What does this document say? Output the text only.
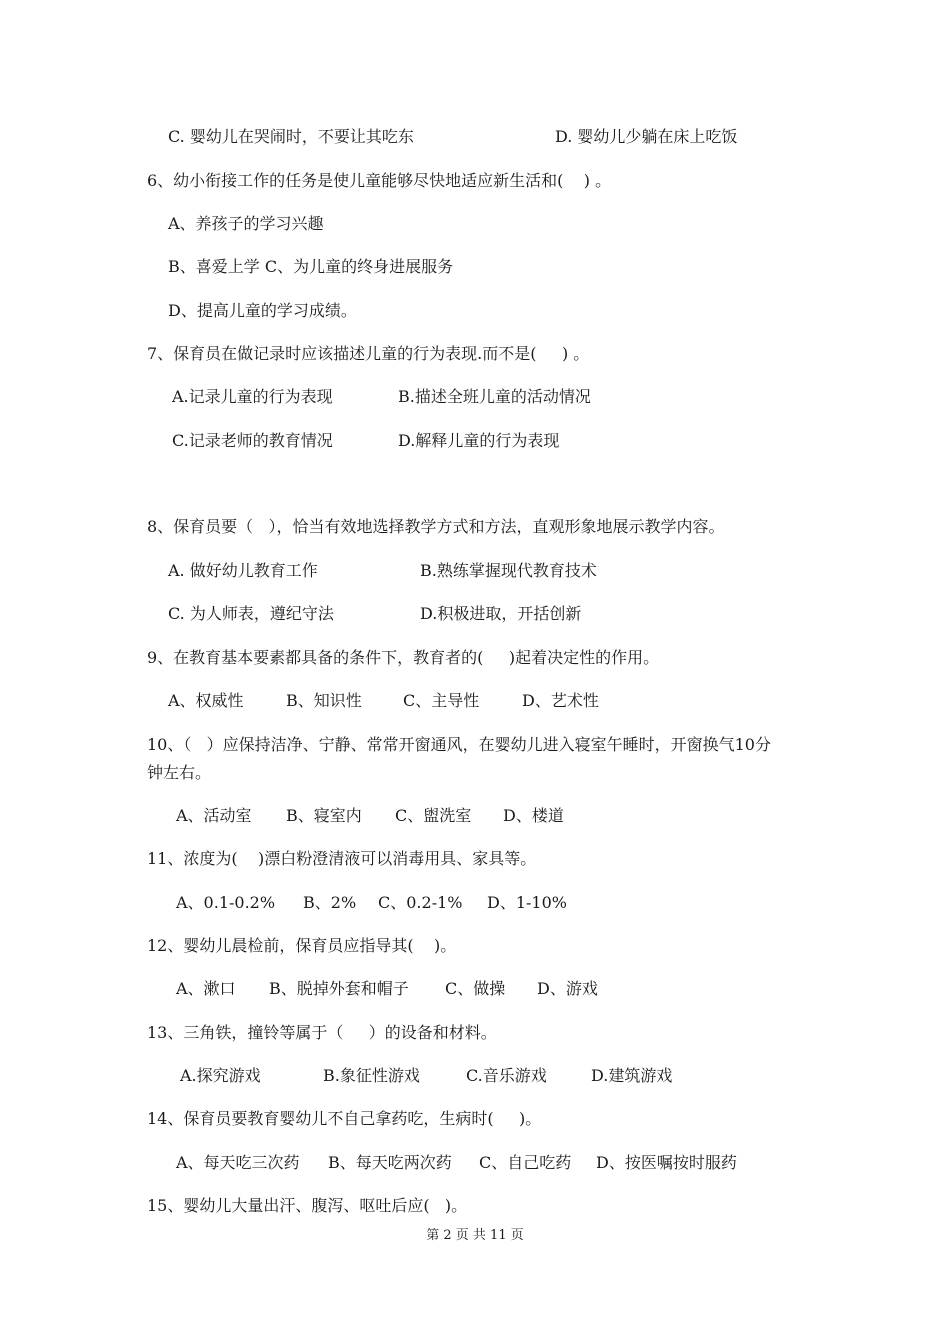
C. 婴幼儿在哭闹时，不要让其吃东	D. 婴幼儿少躺在床上吃饭
6、幼小衔接工作的任务是使儿童能够尽快地适应新生活和(    ) 。
A、养孩子的学习兴趣
B、喜爱上学 C、为儿童的终身进展服务
D、提高儿童的学习成绩。
7、保育员在做记录时应该描述儿童的行为表现.而不是(     ) 。
A.记录儿童的行为表现	B.描述全班儿童的活动情况
C.记录老师的教育情况	D.解释儿童的行为表现
8、保育员要（   ），恰当有效地选择教学方式和方法，直观形象地展示教学内容。
A. 做好幼儿教育工作	B.熟练掌握现代教育技术
C. 为人师表，遵纪守法	D.积极进取，开括创新
9、在教育基本要素都具备的条件下，教育者的(     )起着决定性的作用。
A、权威性	B、知识性	C、主导性	D、艺术性
10、（   ）应保持洁净、宁静、常常开窗通风，在婴幼儿进入寝室午睡时，开窗换气10分
钟左右。
A、活动室 B、寝室内 C、盥洗室 D、楼道
11、浓度为(    )漂白粉澄清液可以消毒用具、家具等。
A、0.1-0.2% B、2% C、0.2-1% D、1-10%
12、婴幼儿晨检前，保育员应指导其(    )。
A、漱口 B、脱掉外套和帽子 C、做操 D、游戏
13、三角铁，撞铃等属于（     ）的设备和材料。
A.探究游戏	B.象征性游戏	C.音乐游戏	D.建筑游戏
14、保育员要教育婴幼儿不自己拿药吃，生病时(     )。
A、每天吃三次药 B、每天吃两次药 C、自己吃药 D、按医嘱按时服药
15、婴幼儿大量出汗、腹泻、呕吐后应(   )。
第 2 页 共 11 页
